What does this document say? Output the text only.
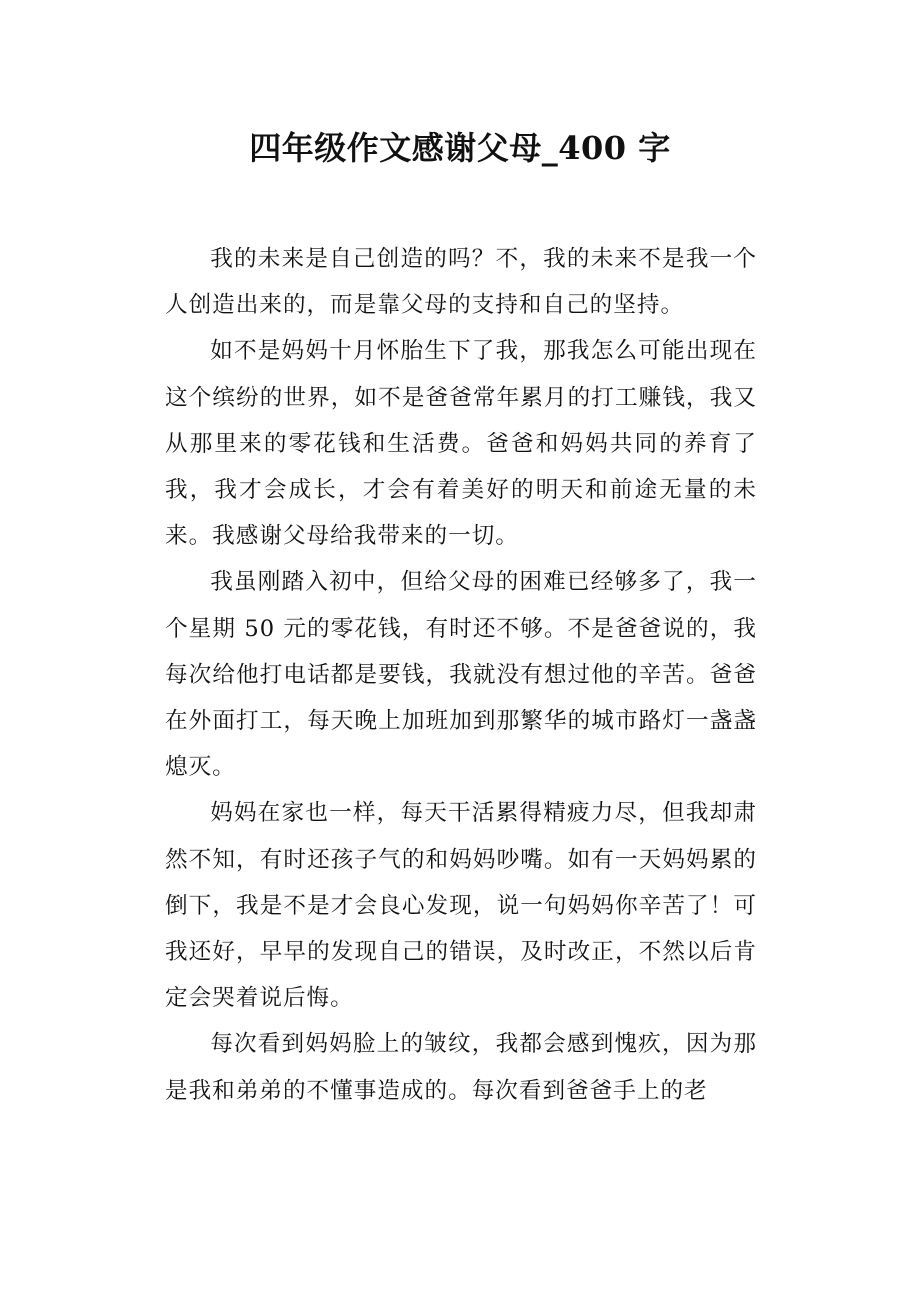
四年级作文感谢父母_400 字

我的未来是自己创造的吗？不，我的未来不是我一个人创造出来的，而是靠父母的支持和自己的坚持。

如不是妈妈十月怀胎生下了我，那我怎么可能出现在这个缤纷的世界，如不是爸爸常年累月的打工赚钱，我又从那里来的零花钱和生活费。爸爸和妈妈共同的养育了我，我才会成长，才会有着美好的明天和前途无量的未来。我感谢父母给我带来的一切。

我虽刚踏入初中，但给父母的困难已经够多了，我一个星期 50 元的零花钱，有时还不够。不是爸爸说的，我每次给他打电话都是要钱，我就没有想过他的辛苦。爸爸在外面打工，每天晚上加班加到那繁华的城市路灯一盏盏熄灭。

妈妈在家也一样，每天干活累得精疲力尽，但我却肃然不知，有时还孩子气的和妈妈吵嘴。如有一天妈妈累的倒下，我是不是才会良心发现，说一句妈妈你辛苦了！可我还好，早早的发现自己的错误，及时改正，不然以后肯定会哭着说后悔。

每次看到妈妈脸上的皱纹，我都会感到愧疚，因为那是我和弟弟的不懂事造成的。每次看到爸爸手上的老
